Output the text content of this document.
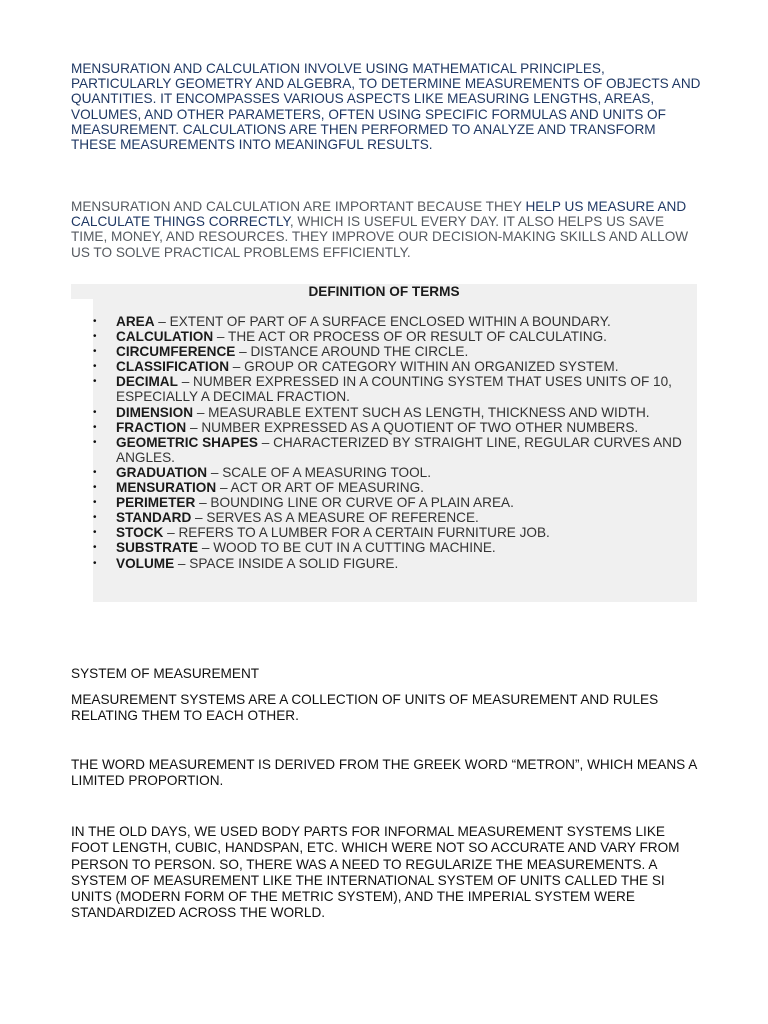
MENSURATION AND CALCULATION INVOLVE USING MATHEMATICAL PRINCIPLES, PARTICULARLY GEOMETRY AND ALGEBRA, TO DETERMINE MEASUREMENTS OF OBJECTS AND QUANTITIES. IT ENCOMPASSES VARIOUS ASPECTS LIKE MEASURING LENGTHS, AREAS, VOLUMES, AND OTHER PARAMETERS, OFTEN USING SPECIFIC FORMULAS AND UNITS OF MEASUREMENT. CALCULATIONS ARE THEN PERFORMED TO ANALYZE AND TRANSFORM THESE MEASUREMENTS INTO MEANINGFUL RESULTS.

MENSURATION AND CALCULATION ARE IMPORTANT BECAUSE THEY HELP US MEASURE AND CALCULATE THINGS CORRECTLY, WHICH IS USEFUL EVERY DAY. IT ALSO HELPS US SAVE TIME, MONEY, AND RESOURCES. THEY IMPROVE OUR DECISION-MAKING SKILLS AND ALLOW US TO SOLVE PRACTICAL PROBLEMS EFFICIENTLY.

DEFINITION OF TERMS
• AREA – EXTENT OF PART OF A SURFACE ENCLOSED WITHIN A BOUNDARY.
• CALCULATION – THE ACT OR PROCESS OF OR RESULT OF CALCULATING.
• CIRCUMFERENCE – DISTANCE AROUND THE CIRCLE.
• CLASSIFICATION – GROUP OR CATEGORY WITHIN AN ORGANIZED SYSTEM.
• DECIMAL – NUMBER EXPRESSED IN A COUNTING SYSTEM THAT USES UNITS OF 10, ESPECIALLY A DECIMAL FRACTION.
• DIMENSION – MEASURABLE EXTENT SUCH AS LENGTH, THICKNESS AND WIDTH.
• FRACTION – NUMBER EXPRESSED AS A QUOTIENT OF TWO OTHER NUMBERS.
• GEOMETRIC SHAPES – CHARACTERIZED BY STRAIGHT LINE, REGULAR CURVES AND ANGLES.
• GRADUATION – SCALE OF A MEASURING TOOL.
• MENSURATION – ACT OR ART OF MEASURING.
• PERIMETER – BOUNDING LINE OR CURVE OF A PLAIN AREA.
• STANDARD – SERVES AS A MEASURE OF REFERENCE.
• STOCK – REFERS TO A LUMBER FOR A CERTAIN FURNITURE JOB.
• SUBSTRATE – WOOD TO BE CUT IN A CUTTING MACHINE.
• VOLUME – SPACE INSIDE A SOLID FIGURE.

SYSTEM OF MEASUREMENT

MEASUREMENT SYSTEMS ARE A COLLECTION OF UNITS OF MEASUREMENT AND RULES RELATING THEM TO EACH OTHER.

THE WORD MEASUREMENT IS DERIVED FROM THE GREEK WORD “METRON”, WHICH MEANS A LIMITED PROPORTION.

IN THE OLD DAYS, WE USED BODY PARTS FOR INFORMAL MEASUREMENT SYSTEMS LIKE FOOT LENGTH, CUBIC, HANDSPAN, ETC. WHICH WERE NOT SO ACCURATE AND VARY FROM PERSON TO PERSON. SO, THERE WAS A NEED TO REGULARIZE THE MEASUREMENTS. A SYSTEM OF MEASUREMENT LIKE THE INTERNATIONAL SYSTEM OF UNITS CALLED THE SI UNITS (MODERN FORM OF THE METRIC SYSTEM), AND THE IMPERIAL SYSTEM WERE STANDARDIZED ACROSS THE WORLD.
